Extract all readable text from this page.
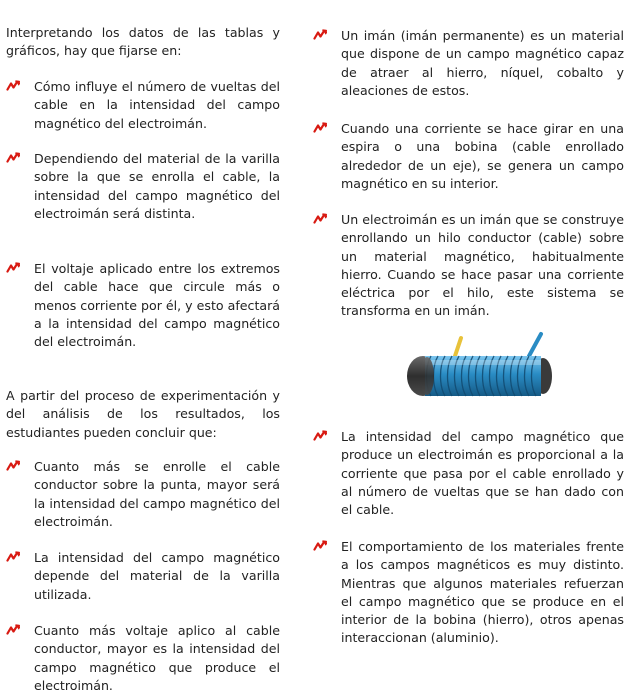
Interpretando los datos de las tablas y gráficos, hay que fijarse en:

Cómo influye el número de vueltas del cable en la intensidad del campo magnético del electroimán.

Dependiendo del material de la varilla sobre la que se enrolla el cable, la intensidad del campo magnético del electroimán será distinta.

El voltaje aplicado entre los extremos del cable hace que circule más o menos corriente por él, y esto afectará a la intensidad del campo magnético del electroimán.

A partir del proceso de experimentación y del análisis de los resultados, los estudiantes pueden concluir que:

Cuanto más se enrolle el cable conductor sobre la punta, mayor será la intensidad del campo magnético del electroimán.

La intensidad del campo magnético depende del material de la varilla utilizada.

Cuanto más voltaje aplico al cable conductor, mayor es la intensidad del campo magnético que produce el electroimán.

Un imán (imán permanente) es un material que dispone de un campo magnético capaz de atraer al hierro, níquel, cobalto y aleaciones de estos.

Cuando una corriente se hace girar en una espira o una bobina (cable enrollado alrededor de un eje), se genera un campo magnético en su interior.

Un electroimán es un imán que se construye enrollando un hilo conductor (cable) sobre un material magnético, habitualmente hierro. Cuando se hace pasar una corriente eléctrica por el hilo, este sistema se transforma en un imán.

La intensidad del campo magnético que produce un electroimán es proporcional a la corriente que pasa por el cable enrollado y al número de vueltas que se han dado con el cable.

El comportamiento de los materiales frente a los campos magnéticos es muy distinto. Mientras que algunos materiales refuerzan el campo magnético que se produce en el interior de la bobina (hierro), otros apenas interaccionan (aluminio).
